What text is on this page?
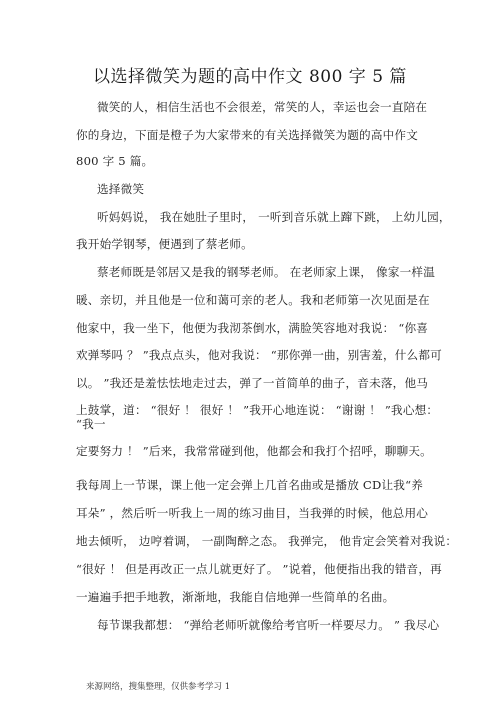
以选择微笑为题的高中作文 800 字 5 篇
微笑的人，相信生活也不会很差，常笑的人，幸运也会一直陪在
你的身边，下面是橙子为大家带来的有关选择微笑为题的高中作文
800 字 5 篇。
选择微笑
听妈妈说， 我在她肚子里时， 一听到音乐就上蹿下跳， 上幼儿园，
我开始学钢琴，便遇到了蔡老师。
蔡老师既是邻居又是我的钢琴老师。 在老师家上课， 像家一样温
暖、亲切，并且他是一位和蔼可亲的老人。我和老师第一次见面是在
他家中，我一坐下，他便为我沏茶倒水，满脸笑容地对我说： “你喜
欢弹琴吗 ？ ”我点点头，他对我说： “那你弹一曲，别害羞，什么都可
以。 ”我还是羞怯怯地走过去，弹了一首简单的曲子，音未落，他马
上鼓掌，道： “很好 ！ 很好 ！ ”我开心地连说： “谢谢 ！ ”我心想：
“我一
定要努力 ！ ”后来，我常常碰到他，他都会和我打个招呼，聊聊天。
我每周上一节课，课上他一定会弹上几首名曲或是播放 CD让我“养
耳朵” ，然后听一听我上一周的练习曲目，当我弹的时候，他总用心
地去倾听， 边哼着调， 一副陶醉之态。 我弹完， 他肯定会笑着对我说：
“很好 ！ 但是再改正一点儿就更好了。 ”说着，他便指出我的错音，再
一遍遍手把手地教，渐渐地，我能自信地弹一些简单的名曲。
每节课我都想： “弹给老师听就像给考官听一样要尽力。 ” 我尽心
来源网络，搜集整理，仅供参考学习 1
